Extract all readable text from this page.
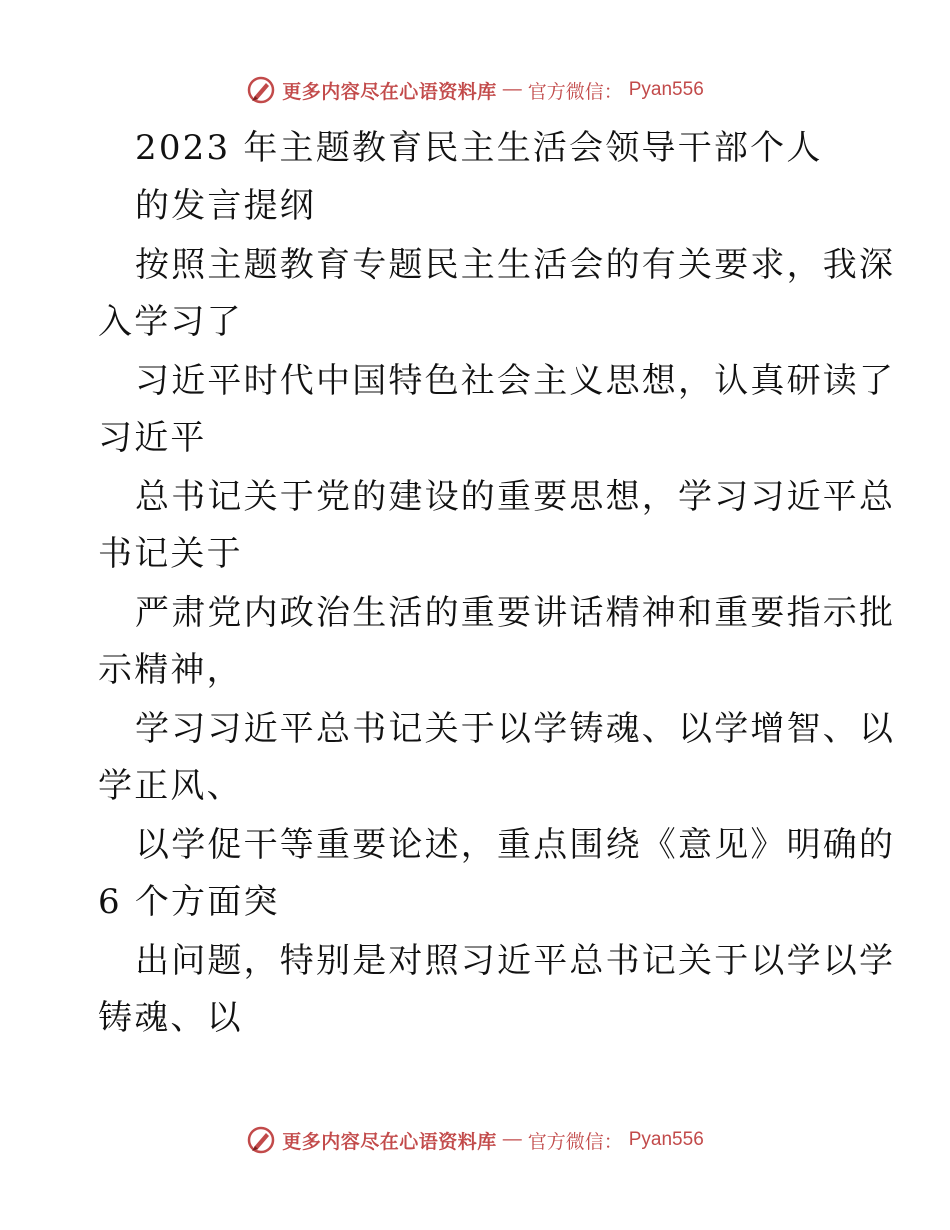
更多内容尽在心语资料库 — 官方微信： Pyan556
2023 年主题教育民主生活会领导干部个人
的发言提纲
按照主题教育专题民主生活会的有关要求，我深
入学习了
习近平时代中国特色社会主义思想，认真研读了
习近平
总书记关于党的建设的重要思想，学习习近平总
书记关于
严肃党内政治生活的重要讲话精神和重要指示批
示精神，
学习习近平总书记关于以学铸魂、以学增智、以
学正风、
以学促干等重要论述，重点围绕《意见》明确的
6 个方面突
出问题，特别是对照习近平总书记关于以学以学
铸魂、以
更多内容尽在心语资料库 — 官方微信： Pyan556
